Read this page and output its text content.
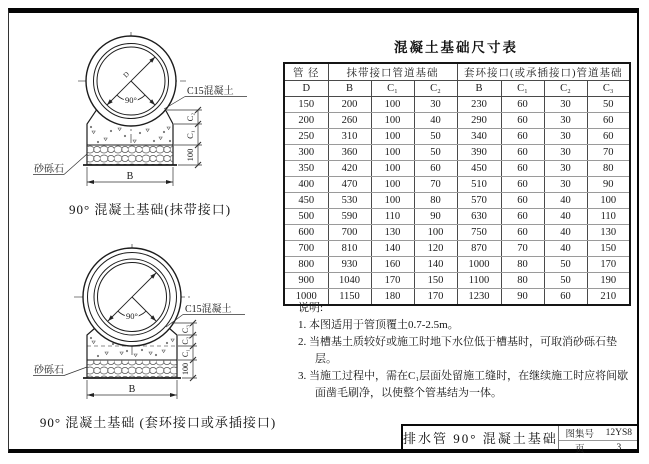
90°
D
C₂
C₁
100
B
C15混凝土
砂砾石
90° 混凝土基础(抹带接口)
90°
C₃
C₂
C₁
100
B
C15混凝土
砂砾石
90° 混凝土基础 (套环接口或承插接口)
混凝土基础尺寸表
管 径	抹带接口管道基础			套环接口(或承插接口)管道基础			
D	B	C₁	C₂	B	C₁	C₂	C₃
150	200	100	30	230	60	30	50
200	260	100	40	290	60	30	60
250	310	100	50	340	60	30	60
300	360	100	50	390	60	30	70
350	420	100	60	450	60	30	80
400	470	100	70	510	60	30	90
450	530	100	80	570	60	40	100
500	590	110	90	630	60	40	110
600	700	130	100	750	60	40	130
700	810	140	120	870	70	40	150
800	930	160	140	1000	80	50	170
900	1040	170	150	1100	80	50	190
1000	1150	180	170	1230	90	60	210
说明:
1. 本图适用于管顶覆土0.7-2.5m。
2. 当槽基土质较好或施工时地下水位低于槽基时，可取消砂砾石垫层。
3. 当施工过程中，需在C₁层面处留施工缝时，在继续施工时应将间歇面凿毛刷净，以使整个管基结为一体。
排水管 90° 混凝土基础 图集号	12YS8
页	3
